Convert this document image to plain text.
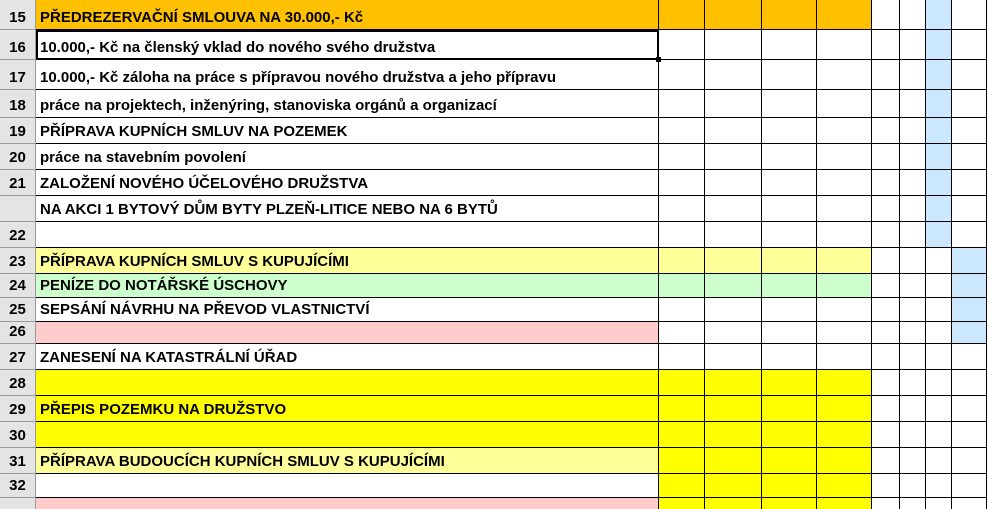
15 PŘEDREZERVAČNÍ SMLOUVA NA 30.000,- Kč
16 10.000,- Kč na členský vklad do nového svého družstva
17 10.000,- Kč záloha na práce s přípravou nového družstva a jeho přípravu
18 práce na projektech, inženýring, stanoviska orgánů a organizací
19 PŘÍPRAVA KUPNÍCH SMLUV NA POZEMEK
20 práce na stavebním povolení
21 ZALOŽENÍ NOVÉHO ÚČELOVÉHO DRUŽSTVA
NA AKCI 1 BYTOVÝ DŮM BYTY PLZEŇ-LITICE NEBO NA 6 BYTŮ
22
23 PŘÍPRAVA KUPNÍCH SMLUV S KUPUJÍCÍMI
24 PENÍZE DO NOTÁŘSKÉ ÚSCHOVY
25 SEPSÁNÍ NÁVRHU NA PŘEVOD VLASTNICTVÍ
26
27 ZANESENÍ NA KATASTRÁLNÍ ÚŘAD
28
29 PŘEPIS POZEMKU NA DRUŽSTVO
30
31 PŘÍPRAVA BUDOUCÍCH KUPNÍCH SMLUV S KUPUJÍCÍMI
32
